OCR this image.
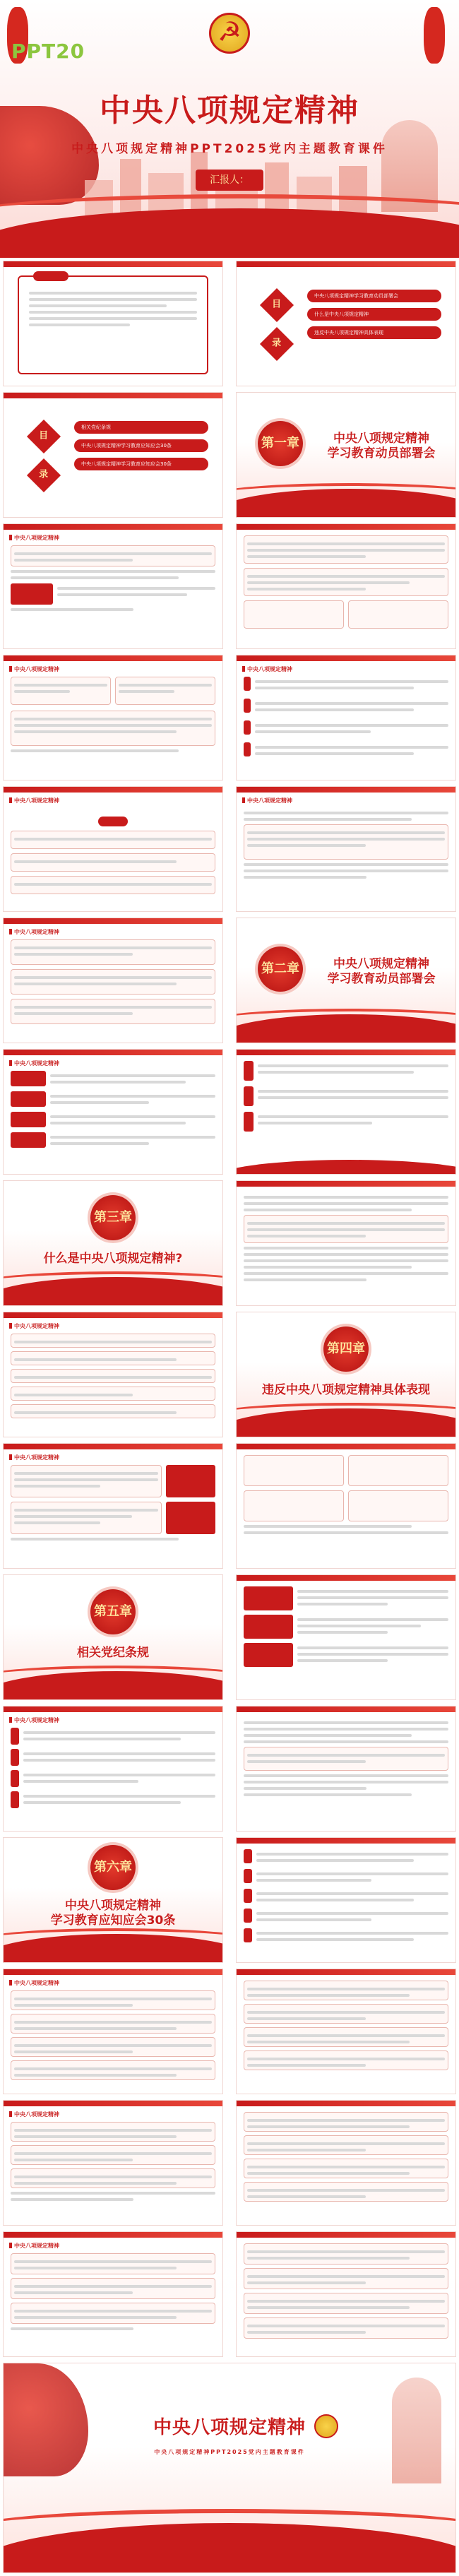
PPT20
☭
中央八项规定精神
中央八项规定精神PPT2025党内主题教育课件
汇报人：
目
录
中央八项规定精神学习教育动员部署会
什么是中央八项规定精神
违反中央八项规定精神具体表现
目
录
相关党纪条规
中央八项规定精神学习教育应知应会30条
中央八项规定精神学习教育应知应会30条
第一章	中央八项规定精神
学习教育动员部署会
中央八项规定精神
中央八项规定精神	中央八项规定精神
中央八项规定精神
	中央八项规定精神
中央八项规定精神
第二章	中央八项规定精神
学习教育动员部署会
中央八项规定精神
第三章
什么是中央八项规定精神?
中央八项规定精神
第四章
违反中央八项规定精神具体表现
中央八项规定精神
第五章
相关党纪条规
中央八项规定精神
第六章
中央八项规定精神
学习教育应知应会30条
中央八项规定精神
中央八项规定精神
中央八项规定精神
中央八项规定精神
中央八项规定精神PPT2025党内主题教育课件
